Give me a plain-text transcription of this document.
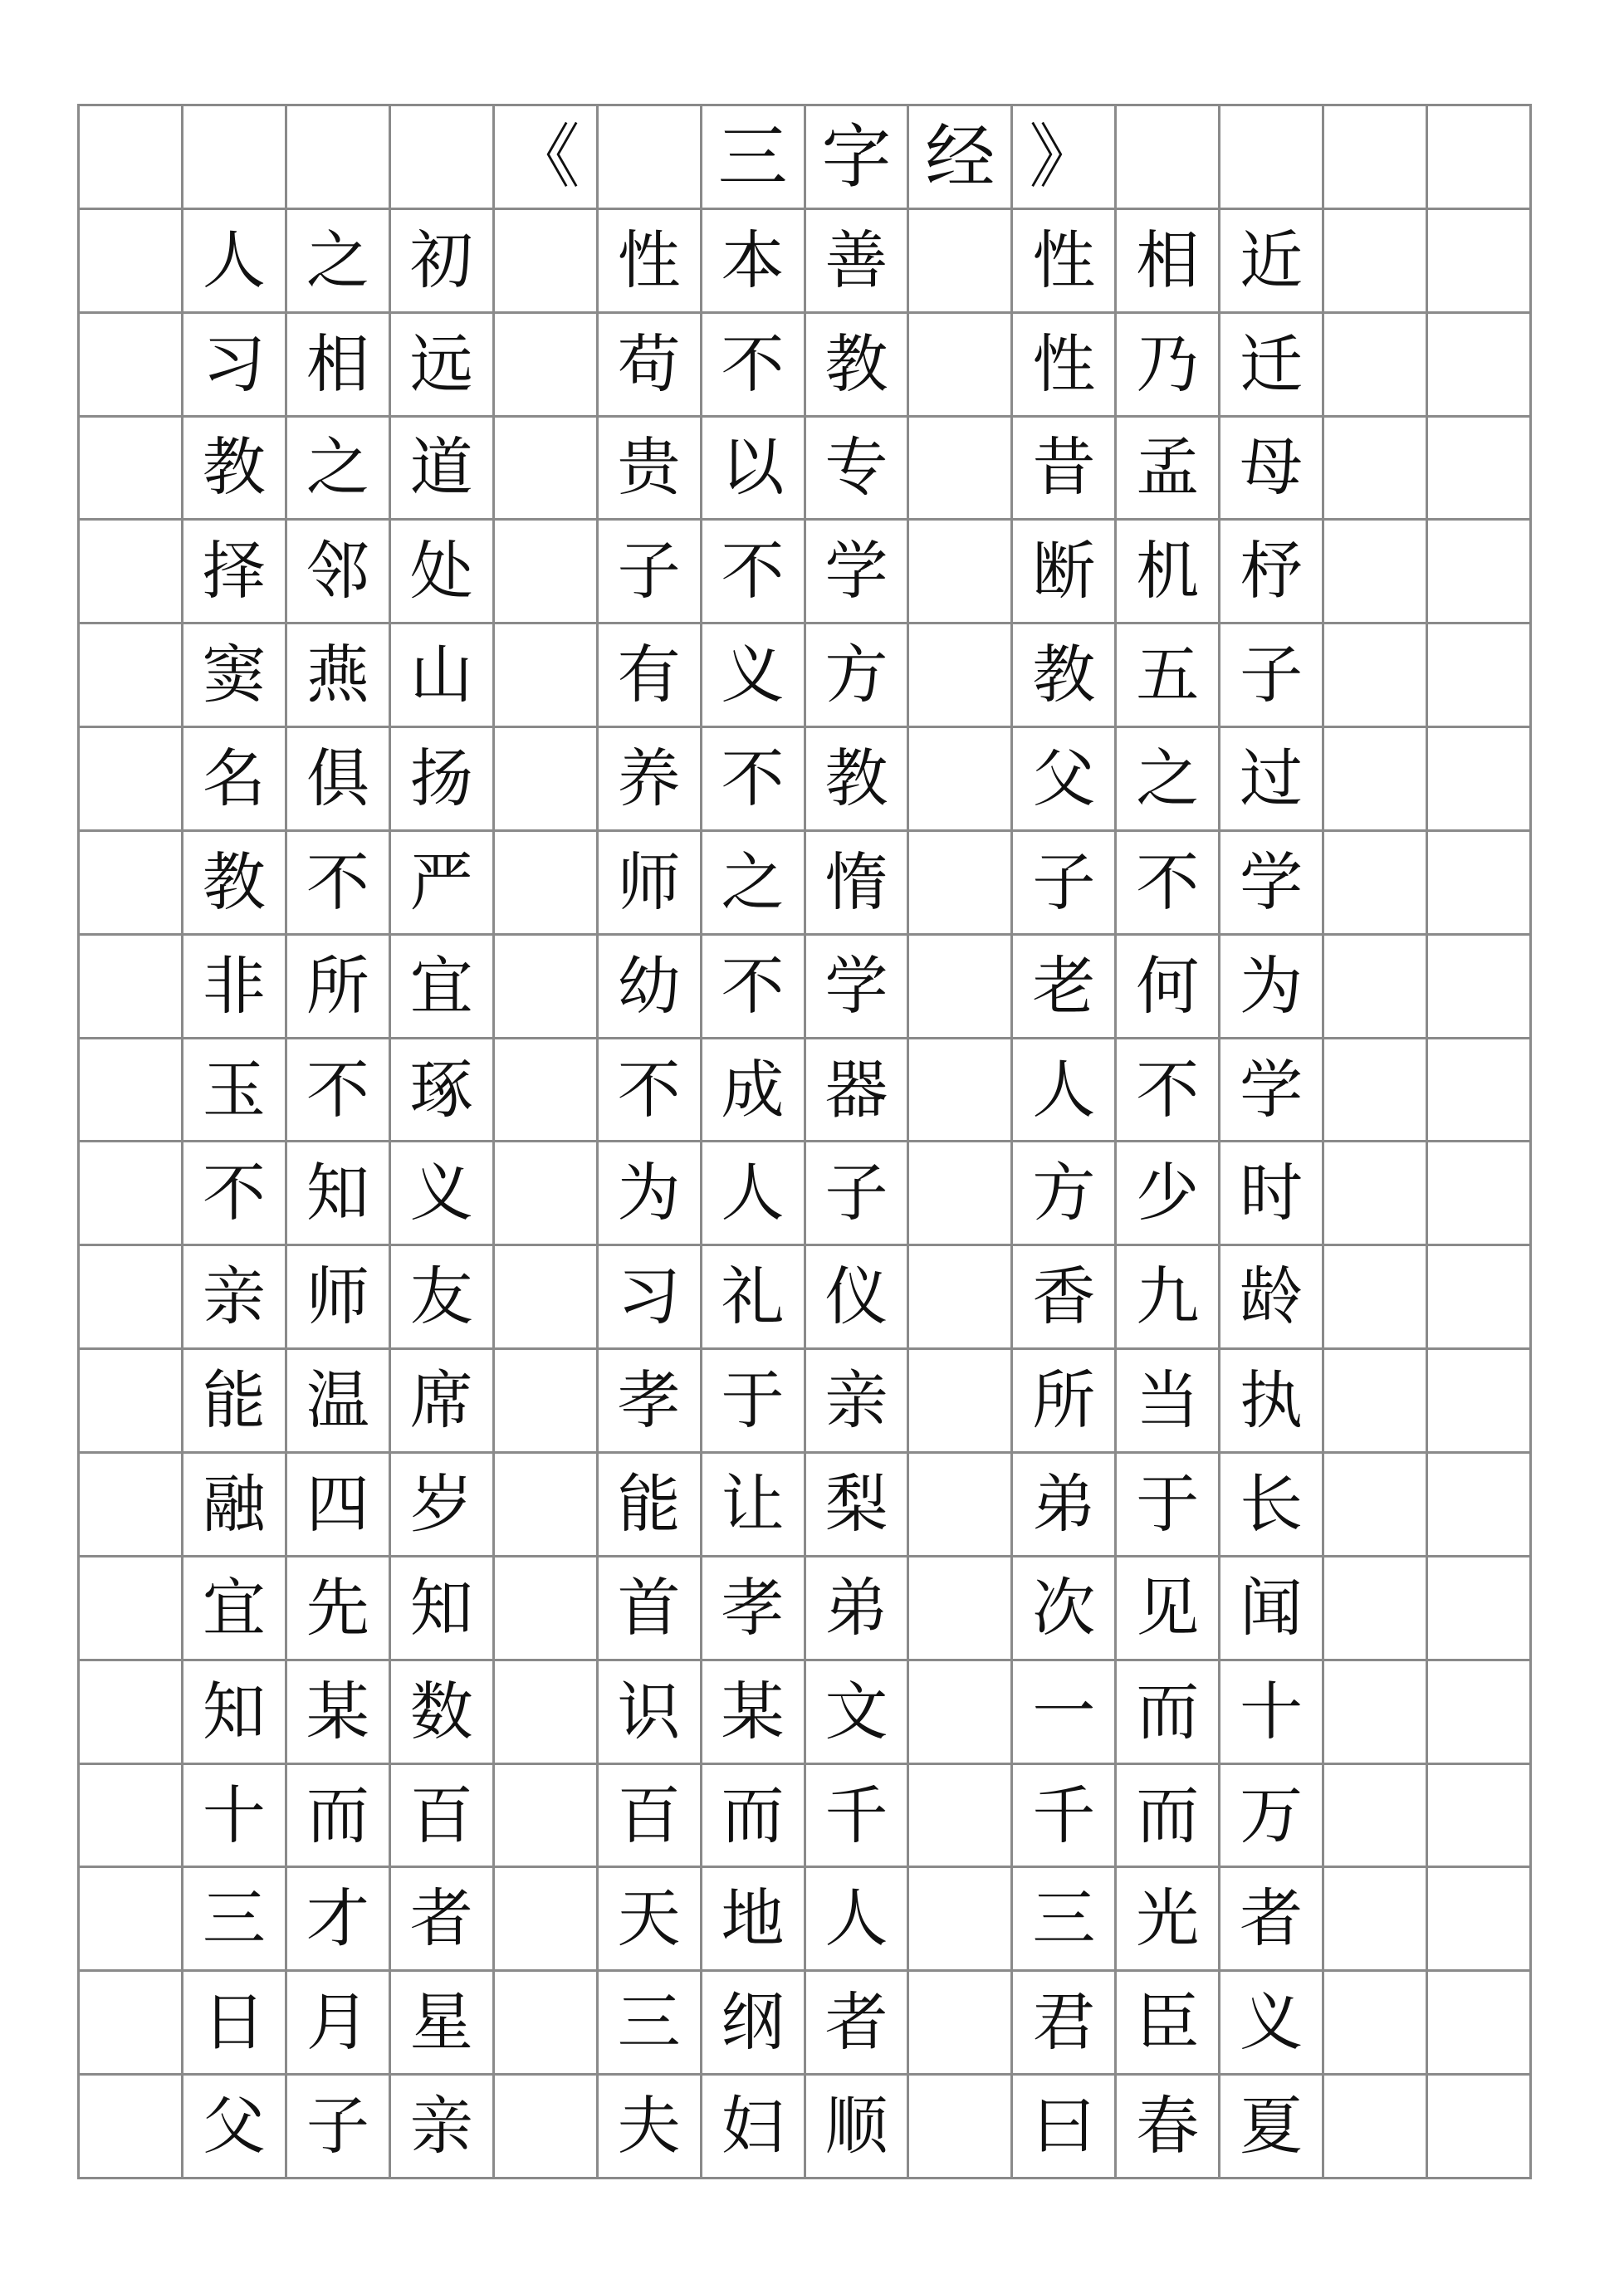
《 三 字 经 》
人 之 初	性 本 善	性 相 近
习 相 远	苟 不 教	性 乃 迁
教 之 道	贵 以 专	昔 孟 母
择 邻 处	子 不 学	断 机 杼
窦 燕 山	有 义 方	教 五 子
名 俱 扬	养 不 教	父 之 过
教 不 严	师 之 惰	子 不 学
非 所 宜	幼 不 学	老 何 为
玉 不 琢	不 成 器	人 不 学
不 知 义	为 人 子	方 少 时
亲 师 友	习 礼 仪	香 九 龄
能 温 席	孝 于 亲	所 当 执
融 四 岁	能 让 梨	弟 于 长
宜 先 知	首 孝 弟	次 见 闻
知 某 数	识 某 文	一 而 十
十 而 百	百 而 千	千 而 万
三 才 者	天 地 人	三 光 者
日 月 星	三 纲 者	君 臣 义
父 子 亲	夫 妇 顺	曰 春 夏
